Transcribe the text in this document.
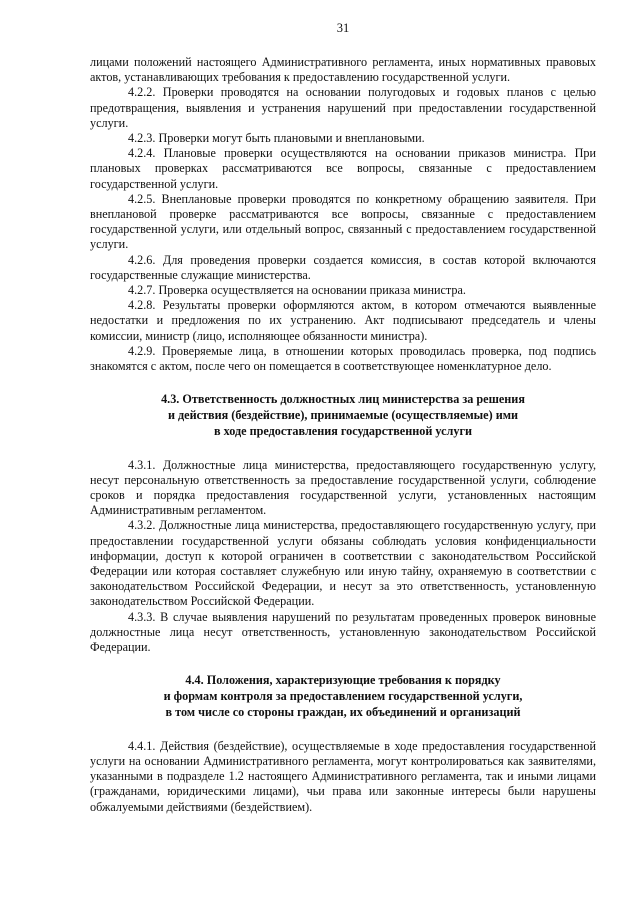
31

лицами положений настоящего Административного регламента, иных нормативных правовых актов, устанавливающих требования к предоставлению государственной услуги.

4.2.2. Проверки проводятся на основании полугодовых и годовых планов с целью предотвращения, выявления и устранения нарушений при предоставлении государственной услуги.

4.2.3. Проверки могут быть плановыми и внеплановыми.

4.2.4. Плановые проверки осуществляются на основании приказов министра. При плановых проверках рассматриваются все вопросы, связанные с предоставлением государственной услуги.

4.2.5. Внеплановые проверки проводятся по конкретному обращению заявителя. При внеплановой проверке рассматриваются все вопросы, связанные с предоставлением государственной услуги, или отдельный вопрос, связанный с предоставлением государственной услуги.

4.2.6. Для проведения проверки создается комиссия, в состав которой включаются государственные служащие министерства.

4.2.7. Проверка осуществляется на основании приказа министра.

4.2.8. Результаты проверки оформляются актом, в котором отмечаются выявленные недостатки и предложения по их устранению. Акт подписывают председатель и члены комиссии, министр (лицо, исполняющее обязанности министра).

4.2.9. Проверяемые лица, в отношении которых проводилась проверка, под подпись знакомятся с актом, после чего он помещается в соответствующее номенклатурное дело.

4.3. Ответственность должностных лиц министерства за решения

и действия (бездействие), принимаемые (осуществляемые) ими

в ходе предоставления государственной услуги

4.3.1. Должностные лица министерства, предоставляющего государственную услугу, несут персональную ответственность за предоставление государственной услуги, соблюдение сроков и порядка предоставления государственной услуги, установленных настоящим Административным регламентом.

4.3.2. Должностные лица министерства, предоставляющего государственную услугу, при предоставлении государственной услуги обязаны соблюдать условия конфиденциальности информации, доступ к которой ограничен в соответствии с законодательством Российской Федерации или которая составляет служебную или иную тайну, охраняемую в соответствии с законодательством Российской Федерации, и несут за это ответственность, установленную законодательством Российской Федерации.

4.3.3. В случае выявления нарушений по результатам проведенных проверок виновные должностные лица несут ответственность, установленную законодательством Российской Федерации.

4.4. Положения, характеризующие требования к порядку

и формам контроля за предоставлением государственной услуги,

в том числе со стороны граждан, их объединений и организаций

4.4.1. Действия (бездействие), осуществляемые в ходе предоставления государственной услуги на основании Административного регламента, могут контролироваться как заявителями, указанными в подразделе 1.2 настоящего Административного регламента, так и иными лицами (гражданами, юридическими лицами), чьи права или законные интересы были нарушены обжалуемыми действиями (бездействием).
